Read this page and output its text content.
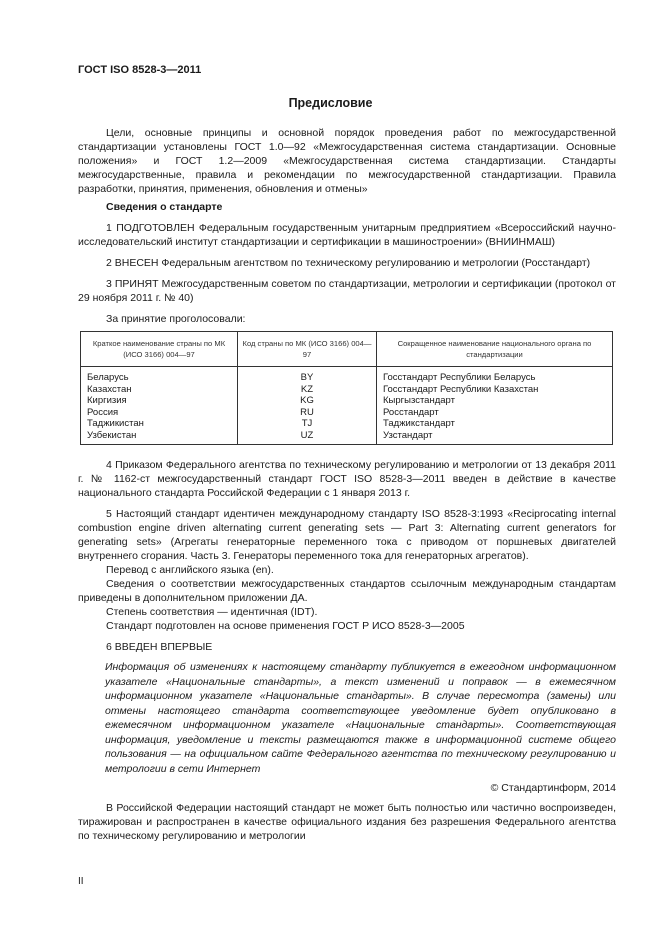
ГОСТ ISO 8528-3—2011
Предисловие

Цели, основные принципы и основной порядок проведения работ по межгосударственной стандартизации установлены ГОСТ 1.0—92 «Межгосударственная система стандартизации. Основные положения» и ГОСТ 1.2—2009 «Межгосударственная система стандартизации. Стандарты межгосударственные, правила и рекомендации по межгосударственной стандартизации. Правила разработки, принятия, применения, обновления и отмены»

Сведения о стандарте

1 ПОДГОТОВЛЕН Федеральным государственным унитарным предприятием «Всероссийский научно-исследовательский институт стандартизации и сертификации в машиностроении» (ВНИИНМАШ)

2 ВНЕСЕН Федеральным агентством по техническому регулированию и метрологии (Росстандарт)

3 ПРИНЯТ Межгосударственным советом по стандартизации, метрологии и сертификации (протокол от 29 ноября 2011 г. № 40)

За принятие проголосовали:

Краткое наименование страны по МК (ИСО 3166) 004—97	Код страны по МК (ИСО 3166) 004—97	Сокращенное наименование национального органа по стандартизации
Беларусь	BY	Госстандарт Республики Беларусь
Казахстан	KZ	Госстандарт Республики Казахстан
Киргизия	KG	Кыргызстандарт
Россия	RU	Росстандарт
Таджикистан	TJ	Таджикстандарт
Узбекистан	UZ	Узстандарт

4 Приказом Федерального агентства по техническому регулированию и метрологии от 13 декабря 2011 г. № 1162-ст межгосударственный стандарт ГОСТ ISO 8528-3—2011 введен в действие в качестве национального стандарта Российской Федерации с 1 января 2013 г.

5 Настоящий стандарт идентичен международному стандарту ISO 8528-3:1993 «Reciprocating internal combustion engine driven alternating current generating sets — Part 3: Alternating current generators for generating sets» (Агрегаты генераторные переменного тока с приводом от поршневых двигателей внутреннего сгорания. Часть 3. Генераторы переменного тока для генераторных агрегатов).

Перевод с английского языка (en).

Сведения о соответствии межгосударственных стандартов ссылочным международным стандартам приведены в дополнительном приложении ДА.

Степень соответствия — идентичная (IDT).

Стандарт подготовлен на основе применения ГОСТ Р ИСО 8528-3—2005

6 ВВЕДЕН ВПЕРВЫЕ

Информация об изменениях к настоящему стандарту публикуется в ежегодном информационном указателе «Национальные стандарты», а текст изменений и поправок — в ежемесячном информационном указателе «Национальные стандарты». В случае пересмотра (замены) или отмены настоящего стандарта соответствующее уведомление будет опубликовано в ежемесячном информационном указателе «Национальные стандарты». Соответствующая информация, уведомление и тексты размещаются также в информационной системе общего пользования — на официальном сайте Федерального агентства по техническому регулированию и метрологии в сети Интернет
© Стандартинформ, 2014

В Российской Федерации настоящий стандарт не может быть полностью или частично воспроизведен, тиражирован и распространен в качестве официального издания без разрешения Федерального агентства по техническому регулированию и метрологии

II
